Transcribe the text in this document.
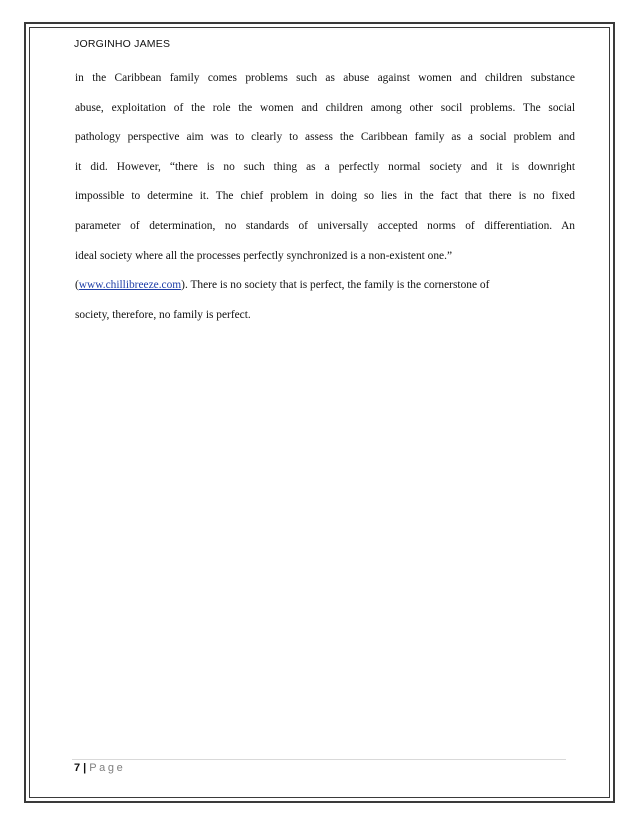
JORGINHO JAMES
in the Caribbean family comes problems such as abuse against women and children substance
abuse, exploitation of the role the women and children among other socil problems. The social
pathology perspective aim was to clearly to assess the Caribbean family as a social problem and
it did. However, “there is no such thing as a perfectly normal society and it is downright
impossible to determine it. The chief problem in doing so lies in the fact that there is no fixed
parameter of determination, no standards of universally accepted norms of differentiation. An
ideal society where all the processes perfectly synchronized is a non-existent one.”
(www.chillibreeze.com). There is no society that is perfect, the family is the cornerstone of
society, therefore, no family is perfect.
7 | Page
